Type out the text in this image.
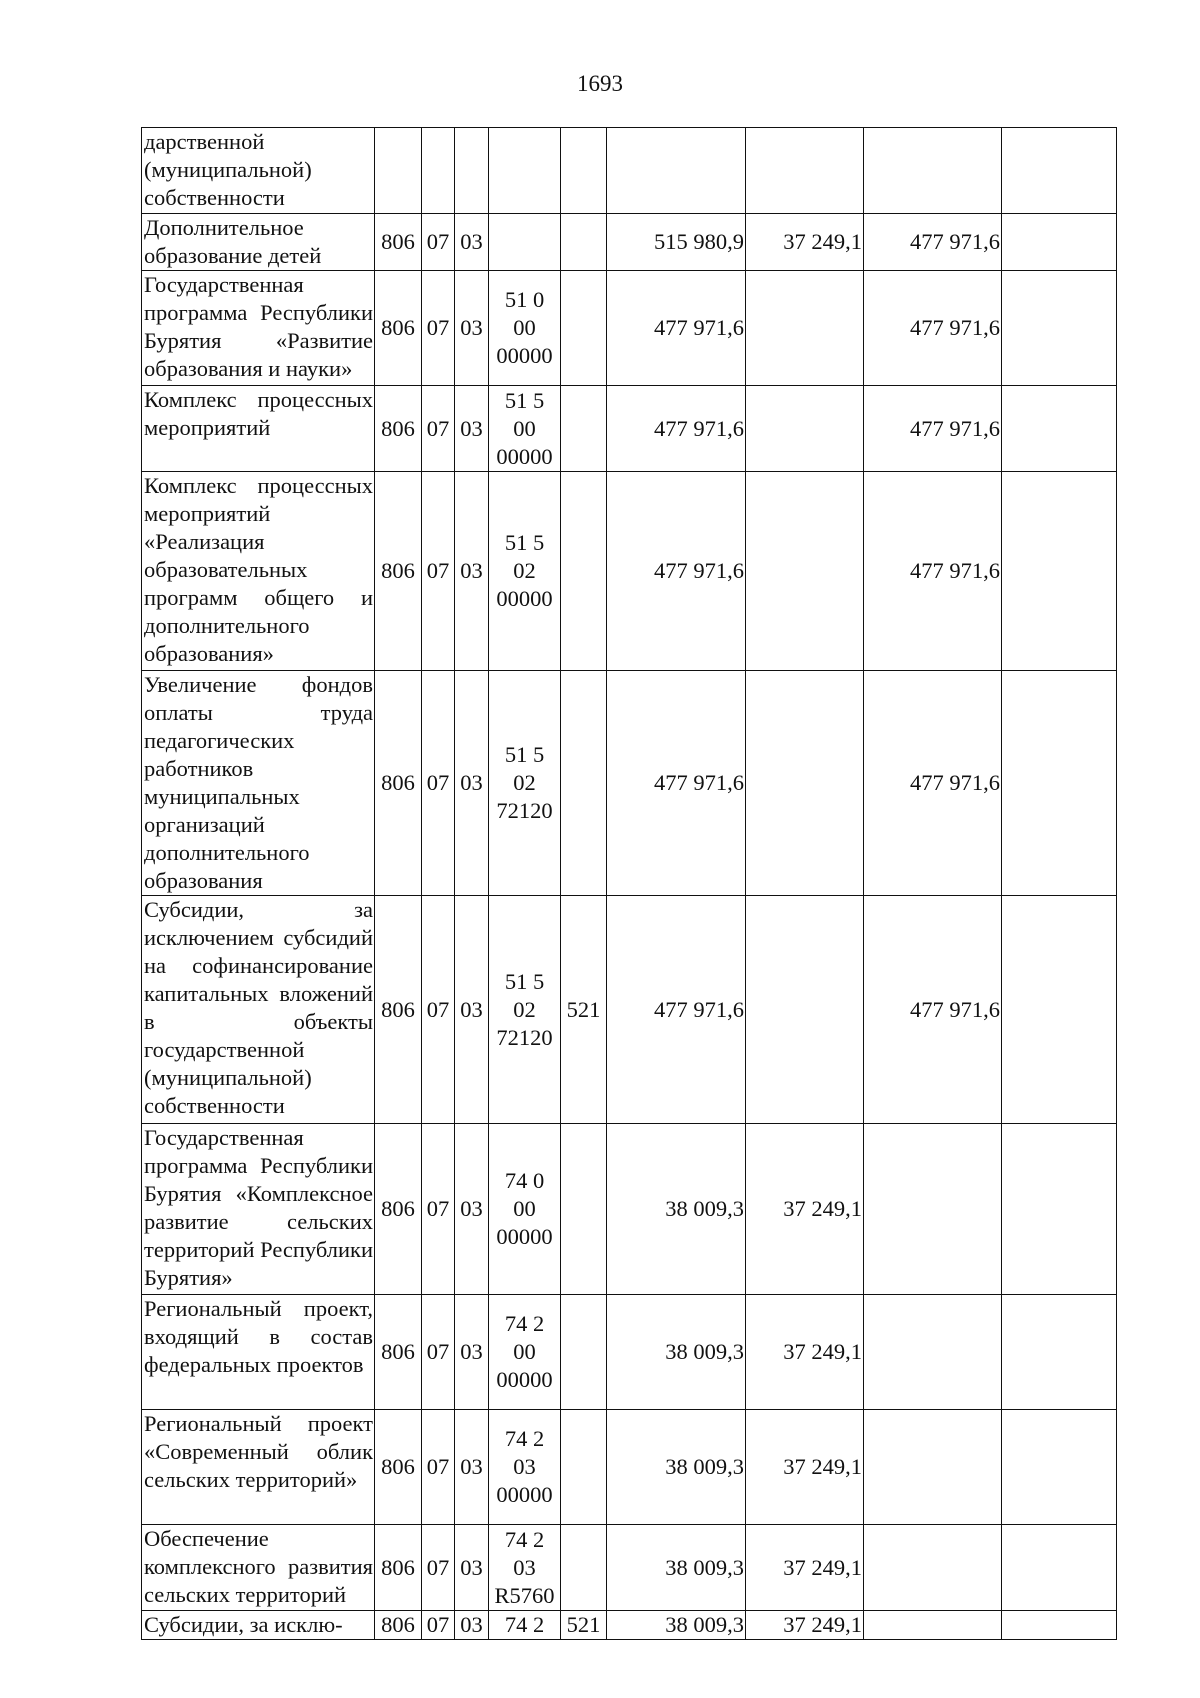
1693
дарственной (муниципальной) собственности									
Дополнительное образование детей	806	07	03			515 980,9	37 249,1	477 971,6	
Государственная программа Республики Бурятия «Развитие образования и науки»	806	07	03	51 0
00
00000		477 971,6		477 971,6	
Комплекс процессных мероприятий	806	07	03	51 5
00
00000		477 971,6		477 971,6	
Комплекс процессных мероприятий «Реализация образовательных программ общего и дополнительного образования»	806	07	03	51 5
02
00000		477 971,6		477 971,6	
Увеличение фондов оплаты труда педагогических работников муниципальных организаций дополнительного образования	806	07	03	51 5
02
72120		477 971,6		477 971,6	
Субсидии, за исключением субсидий на софинансирование капитальных вложений в объекты государственной (муниципальной) собственности	806	07	03	51 5
02
72120	521	477 971,6		477 971,6	
Государственная программа Республики Бурятия «Комплексное развитие сельских территорий Республики Бурятия»	806	07	03	74 0
00
00000		38 009,3	37 249,1		
Региональный проект, входящий в состав федеральных проектов	806	07	03	74 2
00
00000		38 009,3	37 249,1		
Региональный проект «Современный облик сельских территорий»	806	07	03	74 2
03
00000		38 009,3	37 249,1		
Обеспечение комплексного развития сельских территорий	806	07	03	74 2
03
R5760		38 009,3	37 249,1		
Субсидии, за исклю-	806	07	03	74 2	521	38 009,3	37 249,1		
